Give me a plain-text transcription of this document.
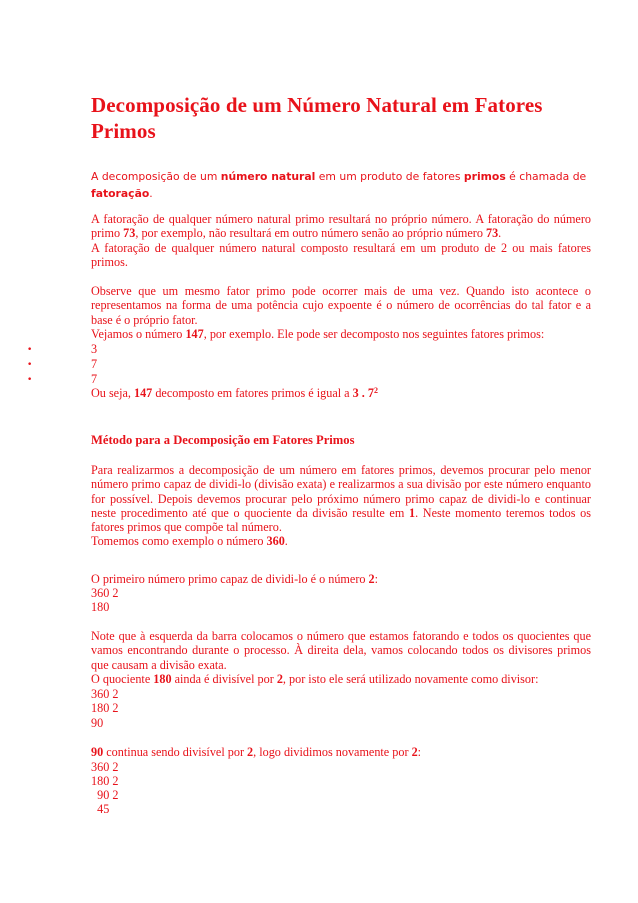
Decomposição de um Número Natural em Fatores Primos
A decomposição de um número natural em um produto de fatores primos é chamada de fatoração.
A fatoração de qualquer número natural primo resultará no próprio número. A fatoração do número primo 73, por exemplo, não resultará em outro número senão ao próprio número 73.
A fatoração de qualquer número natural composto resultará em um produto de 2 ou mais fatores primos.
Observe que um mesmo fator primo pode ocorrer mais de uma vez. Quando isto acontece o representamos na forma de uma potência cujo expoente é o número de ocorrências do tal fator e a base é o próprio fator.
Vejamos o número 147, por exemplo. Ele pode ser decomposto nos seguintes fatores primos:
•	3
•	7
•	7
Ou seja, 147 decomposto em fatores primos é igual a 3 . $7^2$
Método para a Decomposição em Fatores Primos
Para realizarmos a decomposição de um número em fatores primos, devemos procurar pelo menor número primo capaz de dividi-lo (divisão exata) e realizarmos a sua divisão por este número enquanto for possível. Depois devemos procurar pelo próximo número primo capaz de dividi-lo e continuar neste procedimento até que o quociente da divisão resulte em 1. Neste momento teremos todos os fatores primos que compõe tal número.
Tomemos como exemplo o número 360.
O primeiro número primo capaz de dividi-lo é o número 2:
360 2
180
Note que à esquerda da barra colocamos o número que estamos fatorando e todos os quocientes que vamos encontrando durante o processo. À direita dela, vamos colocando todos os divisores primos que causam a divisão exata.
O quociente 180 ainda é divisível por 2, por isto ele será utilizado novamente como divisor:
360 2
180 2
90
90 continua sendo divisível por 2, logo dividimos novamente por 2:
360 2
180 2
90 2
45
